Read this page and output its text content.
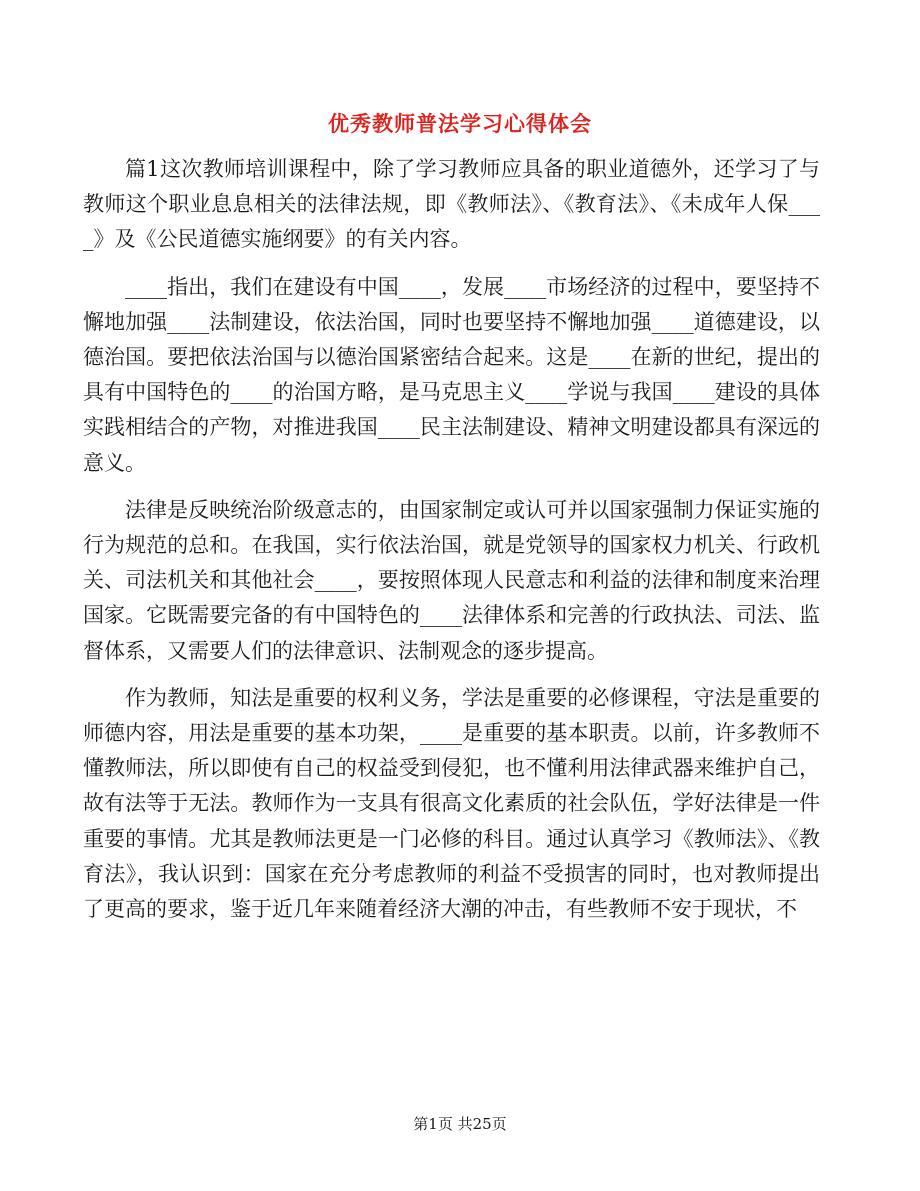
优秀教师普法学习心得体会

篇1这次教师培训课程中，除了学习教师应具备的职业道德外，还学习了与教师这个职业息息相关的法律法规，即《教师法》、《教育法》、《未成年人保____》及《公民道德实施纲要》的有关内容。

____指出，我们在建设有中国____，发展____市场经济的过程中，要坚持不懈地加强____法制建设，依法治国，同时也要坚持不懈地加强____道德建设，以德治国。要把依法治国与以德治国紧密结合起来。这是____在新的世纪，提出的具有中国特色的____的治国方略，是马克思主义____学说与我国____建设的具体实践相结合的产物，对推进我国____民主法制建设、精神文明建设都具有深远的意义。

法律是反映统治阶级意志的，由国家制定或认可并以国家强制力保证实施的行为规范的总和。在我国，实行依法治国，就是党领导的国家权力机关、行政机关、司法机关和其他社会____，要按照体现人民意志和利益的法律和制度来治理国家。它既需要完备的有中国特色的____法律体系和完善的行政执法、司法、监督体系，又需要人们的法律意识、法制观念的逐步提高。

作为教师，知法是重要的权利义务，学法是重要的必修课程，守法是重要的师德内容，用法是重要的基本功架，____是重要的基本职责。以前，许多教师不懂教师法，所以即使有自己的权益受到侵犯，也不懂利用法律武器来维护自己，故有法等于无法。教师作为一支具有很高文化素质的社会队伍，学好法律是一件重要的事情。尤其是教师法更是一门必修的科目。通过认真学习《教师法》、《教育法》，我认识到：国家在充分考虑教师的利益不受损害的同时，也对教师提出了更高的要求，鉴于近几年来随着经济大潮的冲击，有些教师不安于现状，不

第1页 共25页
